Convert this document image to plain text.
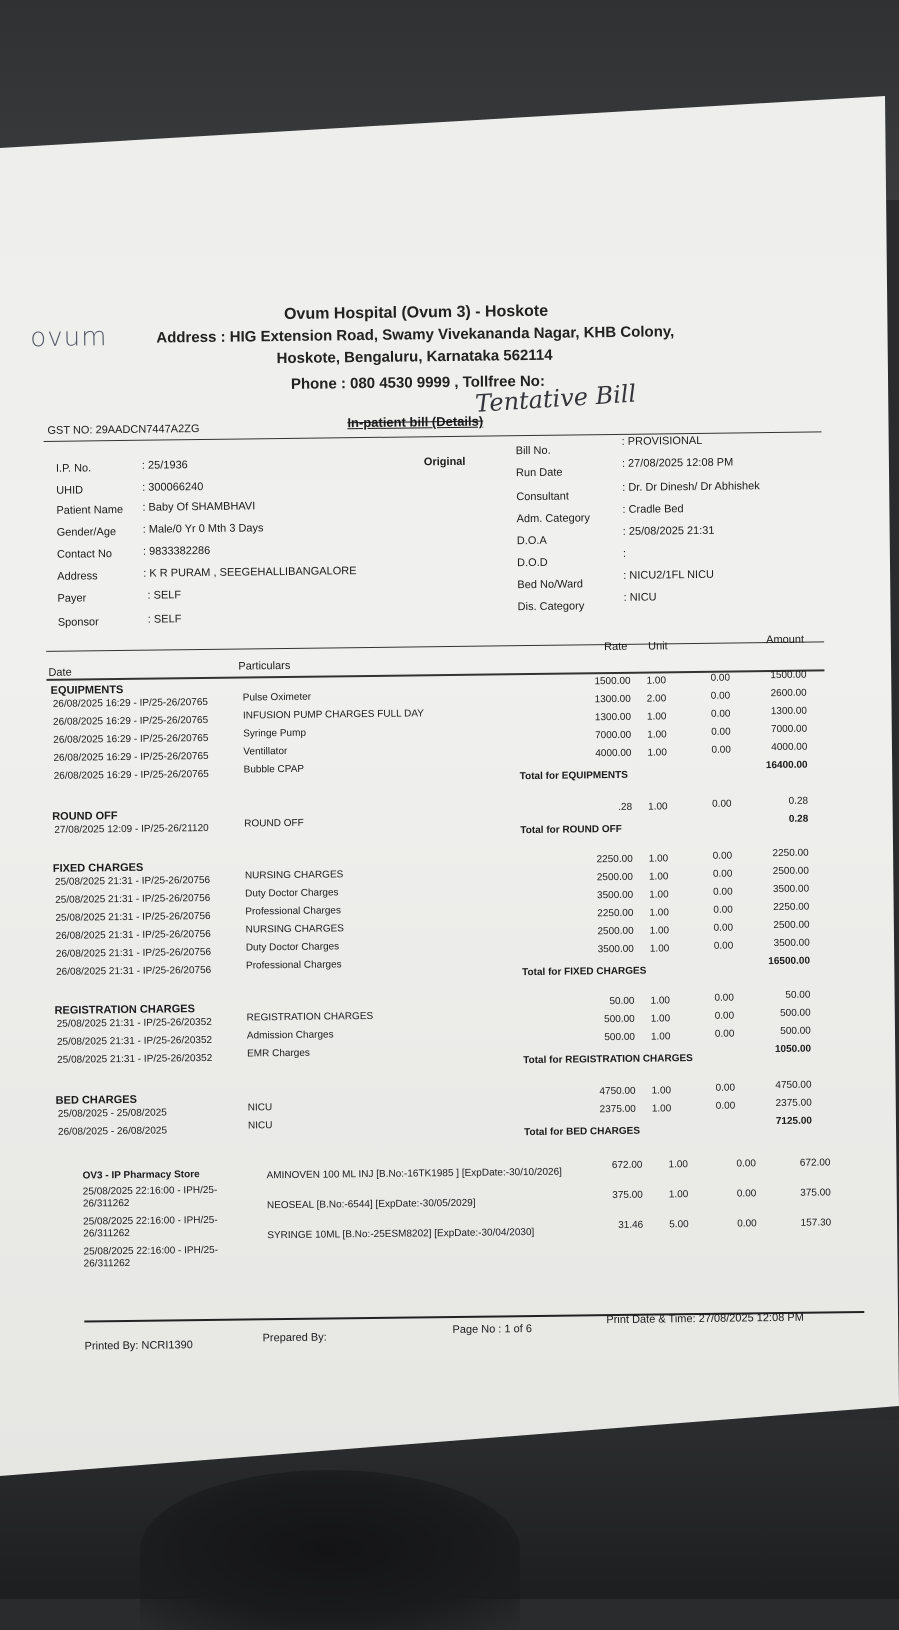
ovum
Ovum Hospital (Ovum 3) - Hoskote
Address : HIG Extension Road, Swamy Vivekananda Nagar, KHB Colony,
Hoskote, Bengaluru, Karnataka 562114
Phone : 080 4530 9999 , Tollfree No:
Tentative Bill
GST NO: 29AADCN7447A2ZG	In-patient bill (Details)
Original
I.P. No.	: 25/1936
UHID	: 300066240
Patient Name : Baby Of SHAMBHAVI
Gender/Age : Male/0 Yr 0 Mth 3 Days
Contact No	: 9833382286
Address	: K R PURAM , SEEGEHALLIBANGALORE
Payer	: SELF
Sponsor	: SELF
Bill No.
: PROVISIONAL
Run Date
: 27/08/2025 12:08 PM
Consultant
: Dr. Dr Dinesh/ Dr Abhishek
Adm. Category
: Cradle Bed
D.O.A
: 25/08/2025 21:31
D.O.D
:
Bed No/Ward
: NICU2/1FL NICU
Dis. Category
: NICU
Date
Particulars
Rate Unit
Amount
EQUIPMENTS
26/08/2025 16:29 - IP/25-26/20765	Pulse Oximeter
1500.00 1.00	0.00	1500.00
26/08/2025 16:29 - IP/25-26/20765	INFUSION PUMP CHARGES FULL DAY
1300.00 2.00	0.00	2600.00
26/08/2025 16:29 - IP/25-26/20765	Syringe Pump
1300.00 1.00	0.00	1300.00
26/08/2025 16:29 - IP/25-26/20765	Ventillator
7000.00 1.00	0.00	7000.00
26/08/2025 16:29 - IP/25-26/20765	Bubble CPAP
4000.00 1.00	0.00	4000.00
Total for EQUIPMENTS
16400.00
ROUND OFF
27/08/2025 12:09 - IP/25-26/21120	ROUND OFF
.28 1.00	0.00	0.28
Total for ROUND OFF
0.28
FIXED CHARGES
25/08/2025 21:31 - IP/25-26/20756	NURSING CHARGES
2250.00 1.00	0.00	2250.00
25/08/2025 21:31 - IP/25-26/20756	Duty Doctor Charges
2500.00 1.00	0.00	2500.00
25/08/2025 21:31 - IP/25-26/20756	Professional Charges
3500.00 1.00	0.00	3500.00
26/08/2025 21:31 - IP/25-26/20756	NURSING CHARGES
2250.00 1.00	0.00	2250.00
26/08/2025 21:31 - IP/25-26/20756	Duty Doctor Charges
2500.00 1.00	0.00	2500.00
26/08/2025 21:31 - IP/25-26/20756	Professional Charges
3500.00 1.00	0.00	3500.00
Total for FIXED CHARGES
16500.00
REGISTRATION CHARGES
25/08/2025 21:31 - IP/25-26/20352	REGISTRATION CHARGES
50.00 1.00	0.00	50.00
25/08/2025 21:31 - IP/25-26/20352	Admission Charges
500.00 1.00	0.00	500.00
25/08/2025 21:31 - IP/25-26/20352	EMR Charges
500.00 1.00	0.00	500.00
Total for REGISTRATION CHARGES
1050.00
BED CHARGES
25/08/2025 - 25/08/2025	NICU
4750.00 1.00	0.00	4750.00
26/08/2025 - 26/08/2025	NICU
2375.00 1.00	0.00	2375.00
Total for BED CHARGES
7125.00
OV3 - IP Pharmacy Store
25/08/2025 22:16:00 - IPH/25-
26/311262
AMINOVEN 100 ML INJ [B.No:-16TK1985 ] [ExpDate:-30/10/2026]
672.00	1.00	0.00	672.00
25/08/2025 22:16:00 - IPH/25-
26/311262
NEOSEAL [B.No:-6544] [ExpDate:-30/05/2029]
375.00	1.00	0.00	375.00
25/08/2025 22:16:00 - IPH/25-
26/311262
SYRINGE 10ML [B.No:-25ESM8202] [ExpDate:-30/04/2030]
31.46	5.00	0.00	157.30
Printed By: NCRI1390
Prepared By:
Page No : 1 of 6
Print Date & Time: 27/08/2025 12:08 PM
